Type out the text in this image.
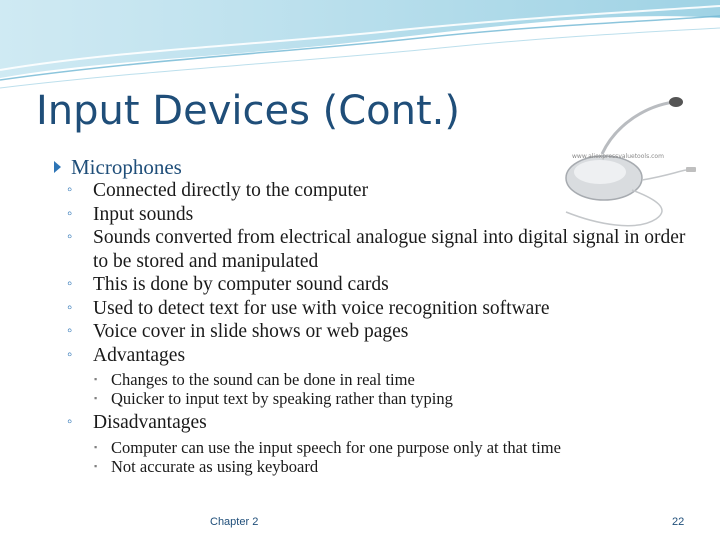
Input Devices (Cont.)
www.aliexpressvaluetools.com
Microphones
◦ Connected directly to the computer
◦ Input sounds
◦ Sounds converted from electrical analogue signal into digital signal in order to be stored and manipulated
◦ This is done by computer sound cards
◦ Used to detect text for use with voice recognition software
◦ Voice cover in slide shows or web pages
◦ Advantages
▪ Changes to the sound can be done in real time
▪ Quicker to input text by speaking rather than typing
◦ Disadvantages
▪ Computer can use the input speech for one purpose only at that time
▪ Not accurate as using keyboard
Chapter 2	22
